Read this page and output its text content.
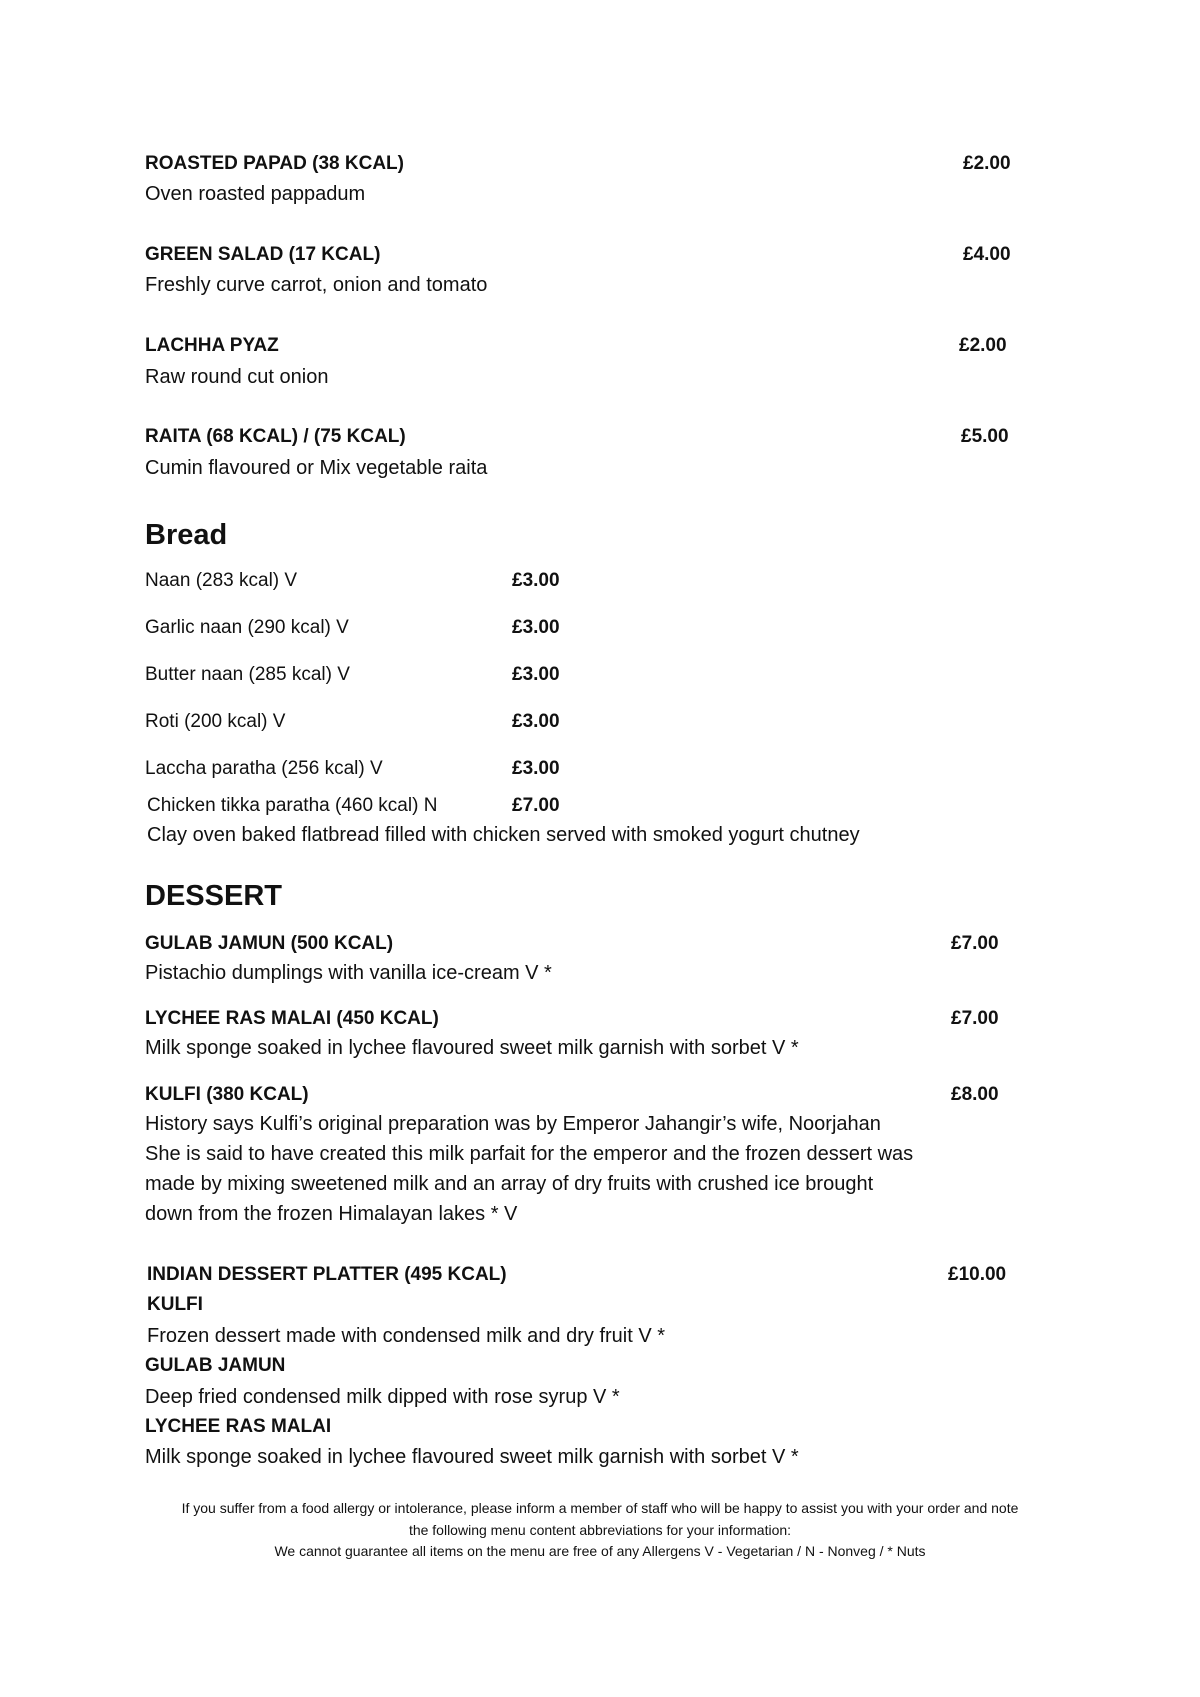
ROASTED PAPAD (38 KCAL)	£2.00
Oven roasted pappadum
GREEN SALAD (17 KCAL)	£4.00
Freshly curve carrot, onion and tomato
LACHHA PYAZ	£2.00
Raw round cut onion
RAITA (68 KCAL) / (75 KCAL)	£5.00
Cumin flavoured or Mix vegetable raita
Bread
Naan (283 kcal) V	£3.00
Garlic naan (290 kcal) V	£3.00
Butter naan (285 kcal) V	£3.00
Roti (200 kcal) V	£3.00
Laccha paratha (256 kcal) V	£3.00
Chicken tikka paratha (460 kcal) N	£7.00
Clay oven baked flatbread filled with chicken served with smoked yogurt chutney
DESSERT
GULAB JAMUN (500 KCAL)	£7.00
Pistachio dumplings with vanilla ice-cream V *
LYCHEE RAS MALAI (450 KCAL)	£7.00
Milk sponge soaked in lychee flavoured sweet milk garnish with sorbet V *
KULFI (380 KCAL)	£8.00
History says Kulfi’s original preparation was by Emperor Jahangir’s wife, Noorjahan
She is said to have created this milk parfait for the emperor and the frozen dessert was
made by mixing sweetened milk and an array of dry fruits with crushed ice brought
down from the frozen Himalayan lakes * V
INDIAN DESSERT PLATTER (495 KCAL)	£10.00
KULFI
Frozen dessert made with condensed milk and dry fruit V *
GULAB JAMUN
Deep fried condensed milk dipped with rose syrup V *
LYCHEE RAS MALAI
Milk sponge soaked in lychee flavoured sweet milk garnish with sorbet V *
If you suffer from a food allergy or intolerance, please inform a member of staff who will be happy to assist you with your order and note
the following menu content abbreviations for your information:
We cannot guarantee all items on the menu are free of any Allergens V - Vegetarian / N - Nonveg / * Nuts
